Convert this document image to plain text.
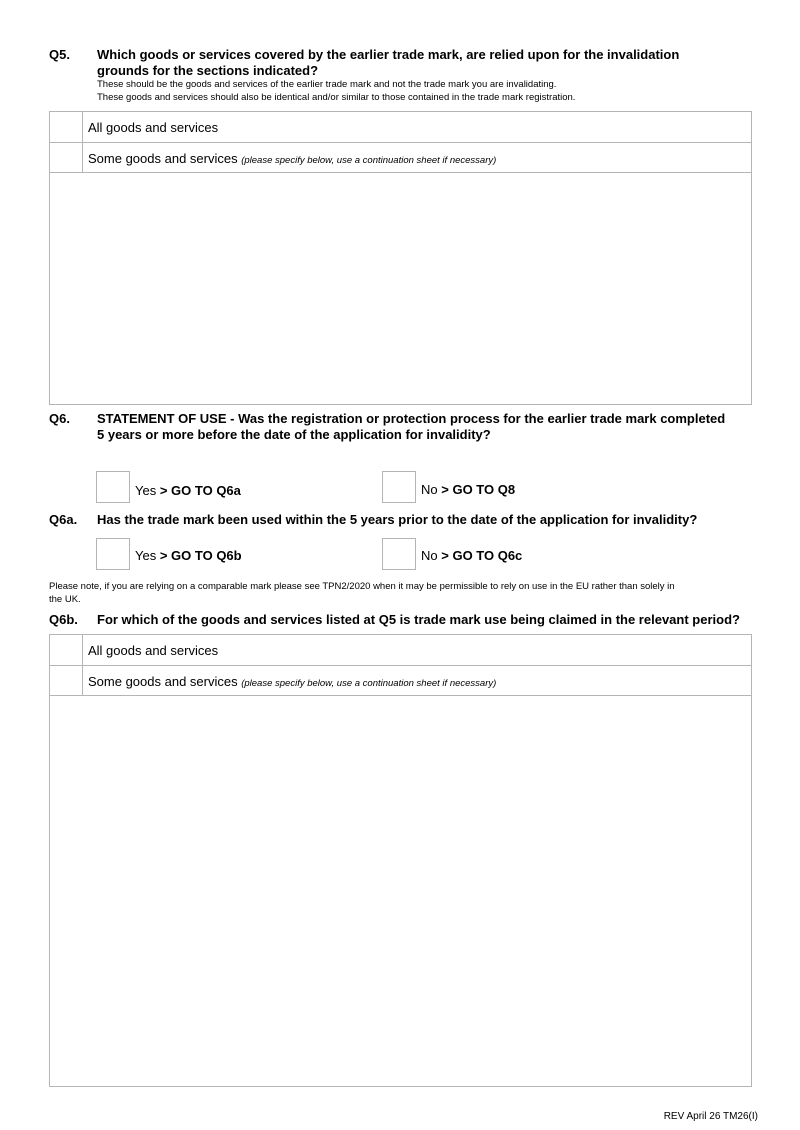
Q5. Which goods or services covered by the earlier trade mark, are relied upon for the invalidation
grounds for the sections indicated?
These should be the goods and services of the earlier trade mark and not the trade mark you are invalidating.
These goods and services should also be identical and/or similar to those contained in the trade mark registration.
All goods and services
Some goods and services (please specify below, use a continuation sheet if necessary)
Q6. STATEMENT OF USE - Was the registration or protection process for the earlier trade mark completed
5 years or more before the date of the application for invalidity?
Yes > GO TO Q6a	No > GO TO Q8
Q6a. Has the trade mark been used within the 5 years prior to the date of the application for invalidity?
Yes > GO TO Q6b	No > GO TO Q6c
Please note, if you are relying on a comparable mark please see TPN2/2020 when it may be permissible to rely on use in the EU rather than solely in
the UK.
Q6b. For which of the goods and services listed at Q5 is trade mark use being claimed in the relevant period?
All goods and services
Some goods and services (please specify below, use a continuation sheet if necessary)
REV April 26 TM26(I)
